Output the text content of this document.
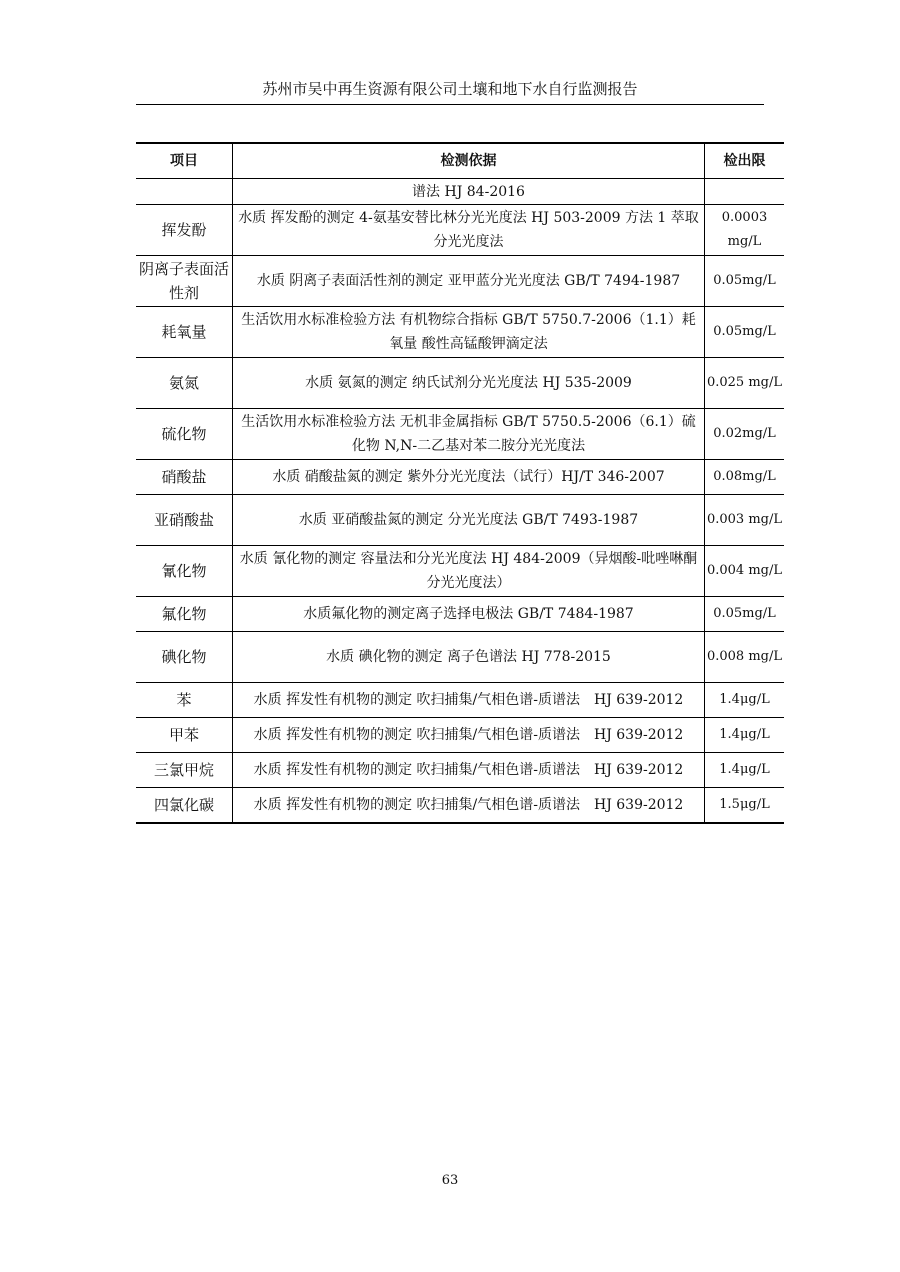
苏州市吴中再生资源有限公司土壤和地下水自行监测报告
项目	检测依据	检出限
	谱法 HJ 84-2016	
挥发酚	水质 挥发酚的测定 4-氨基安替比林分光光度法 HJ 503-2009 方法 1 萃取分光光度法	0.0003 mg/L
阴离子表面活性剂	水质 阴离子表面活性剂的测定 亚甲蓝分光光度法 GB/T 7494-1987	0.05mg/L
耗氧量	生活饮用水标准检验方法 有机物综合指标 GB/T 5750.7-2006（1.1）耗氧量 酸性高锰酸钾滴定法	0.05mg/L
氨氮	水质 氨氮的测定 纳氏试剂分光光度法 HJ 535-2009	0.025 mg/L
硫化物	生活饮用水标准检验方法 无机非金属指标 GB/T 5750.5-2006（6.1）硫化物 N,N-二乙基对苯二胺分光光度法	0.02mg/L
硝酸盐	水质 硝酸盐氮的测定 紫外分光光度法（试行）HJ/T 346-2007	0.08mg/L
亚硝酸盐	水质 亚硝酸盐氮的测定 分光光度法 GB/T 7493-1987	0.003 mg/L
氰化物	水质 氰化物的测定 容量法和分光光度法 HJ 484-2009（异烟酸-吡唑啉酮分光光度法）	0.004 mg/L
氟化物	水质氟化物的测定离子选择电极法 GB/T 7484-1987	0.05mg/L
碘化物	水质 碘化物的测定 离子色谱法 HJ 778-2015	0.008 mg/L
苯	水质 挥发性有机物的测定 吹扫捕集/气相色谱-质谱法　HJ 639-2012	1.4μg/L
甲苯	水质 挥发性有机物的测定 吹扫捕集/气相色谱-质谱法　HJ 639-2012	1.4μg/L
三氯甲烷	水质 挥发性有机物的测定 吹扫捕集/气相色谱-质谱法　HJ 639-2012	1.4μg/L
四氯化碳	水质 挥发性有机物的测定 吹扫捕集/气相色谱-质谱法　HJ 639-2012	1.5μg/L
63
